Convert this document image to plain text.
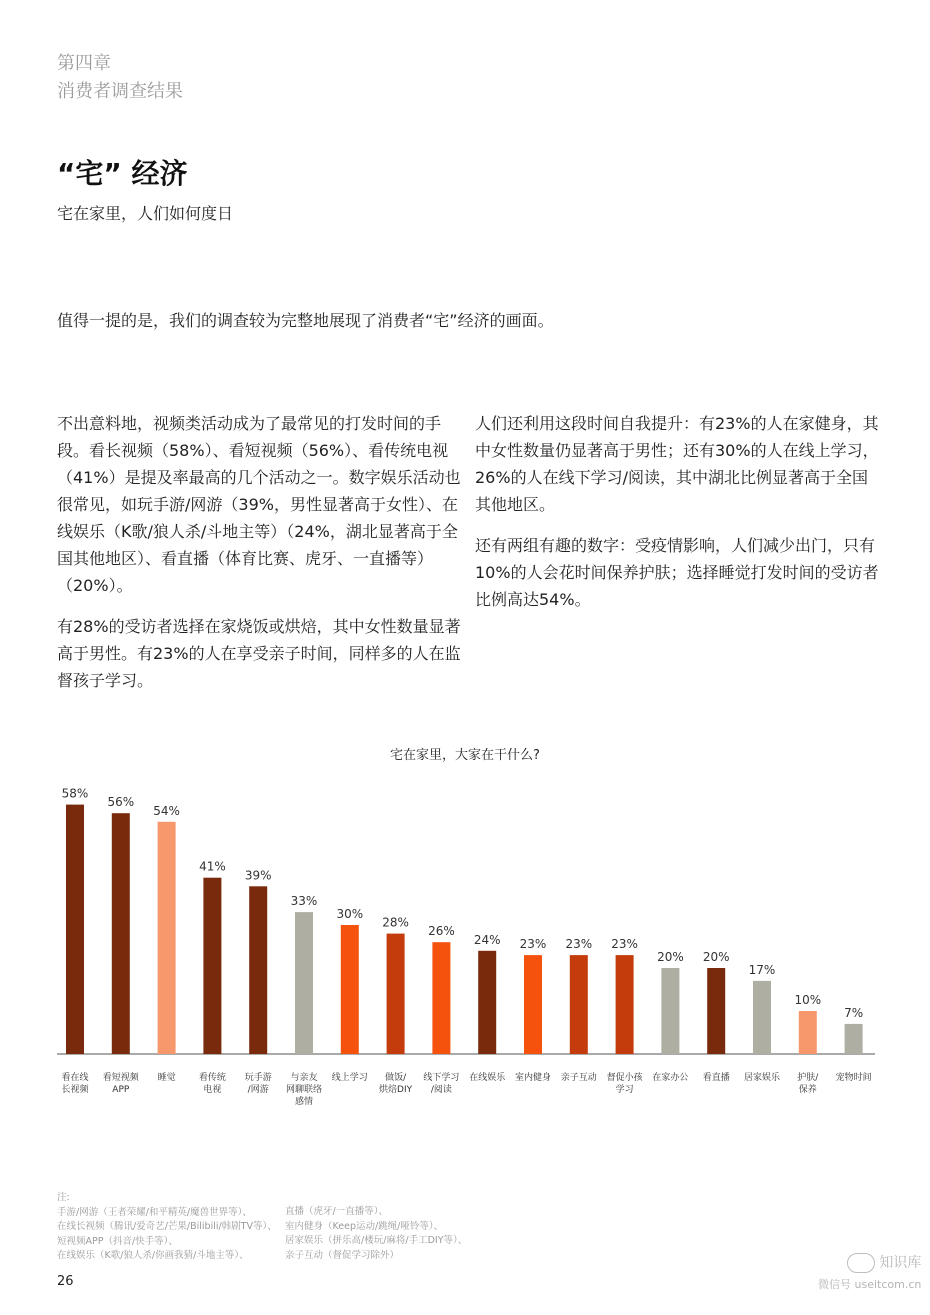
第四章
消费者调查结果
“宅” 经济
宅在家里，人们如何度日
值得一提的是，我们的调查较为完整地展现了消费者“宅”经济的画面。

不出意料地，视频类活动成为了最常见的打发时间的手段。看长视频（58%）、看短视频（56%）、看传统电视（41%）是提及率最高的几个活动之一。数字娱乐活动也很常见，如玩手游/网游（39%，男性显著高于女性）、在线娱乐（K歌/狼人杀/斗地主等）（24%，湖北显著高于全国其他地区）、看直播（体育比赛、虎牙、一直播等）（20%）。

有28%的受访者选择在家烧饭或烘焙，其中女性数量显著高于男性。有23%的人在享受亲子时间，同样多的人在监督孩子学习。

人们还利用这段时间自我提升：有23%的人在家健身，其中女性数量仍显著高于男性；还有30%的人在线上学习，26%的人在线下学习/阅读，其中湖北比例显著高于全国其他地区。

还有两组有趣的数字：受疫情影响，人们减少出门，只有10%的人会花时间保养护肤；选择睡觉打发时间的受访者比例高达54%。

宅在家里，大家在干什么?
58%
看在线长视频
56%
看短视频 APP
54%
睡觉
41%
看传统电视
39%
玩手游/网游
33%
与亲友网聊联络感情
30%
线上学习
28%
做饭/烘焙DIY
26%
线下学习/阅读
24%
在线娱乐
23%
室内健身
23%
亲子互动
23%
督促小孩学习
20%
在家办公
20%
看直播
17%
居家娱乐
10%
护肤/保养
7%
宠物时间
注:
手游/网游（王者荣耀/和平精英/魔兽世界等）、
在线长视频（腾讯/爱奇艺/芒果/Bilibili/韩剧TV等）、
短视频APP（抖音/快手等）、
在线娱乐（K歌/狼人杀/你画我猜/斗地主等）、
直播（虎牙/一直播等）、
室内健身（Keep运动/跳绳/哑铃等）、
居家娱乐（拼乐高/楼玩/麻将/手工DIY等）、
亲子互动（督促学习除外）
26
知识库
微信号 useitcom.cn
